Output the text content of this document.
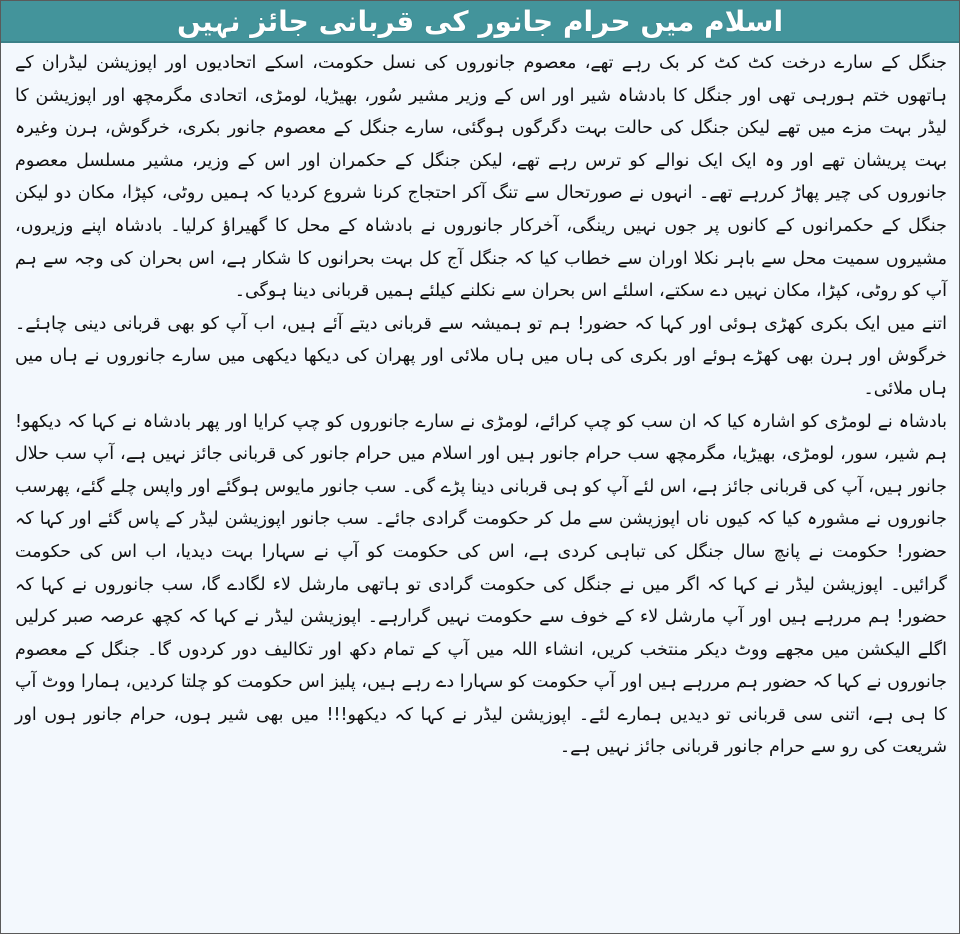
اسلام میں حرام جانور کی قربانی جائز نہیں

جنگل کے سارے درخت کٹ کٹ کر بک رہے تھے، معصوم جانوروں کی نسل حکومت، اسکے اتحادیوں اور اپوزیشن لیڈران کے ہاتھوں ختم ہورہی تھی اور جنگل کا بادشاہ شیر اور اس کے وزیر مشیر سُور، بھیڑیا، لومڑی، اتحادی مگرمچھ اور اپوزیشن کا لیڈر بہت مزے میں تھے لیکن جنگل کی حالت بہت دگرگوں ہوگئی، سارے جنگل کے معصوم جانور بکری، خرگوش، ہرن وغیرہ بہت پریشان تھے اور وہ ایک ایک نوالے کو ترس رہے تھے، لیکن جنگل کے حکمران اور اس کے وزیر، مشیر مسلسل معصوم جانوروں کی چیر پھاڑ کررہے تھے۔ انہوں نے صورتحال سے تنگ آکر احتجاج کرنا شروع کردیا کہ ہمیں روٹی، کپڑا، مکان دو لیکن جنگل کے حکمرانوں کے کانوں پر جوں نہیں رینگی، آخرکار جانوروں نے بادشاہ کے محل کا گھیراؤ کرلیا۔ بادشاہ اپنے وزیروں، مشیروں سمیت محل سے باہر نکلا اوران سے خطاب کیا کہ جنگل آج کل بہت بحرانوں کا شکار ہے، اس بحران کی وجہ سے ہم آپ کو روٹی، کپڑا، مکان نہیں دے سکتے، اسلئے اس بحران سے نکلنے کیلئے ہمیں قربانی دینا ہوگی۔

اتنے میں ایک بکری کھڑی ہوئی اور کہا کہ حضور! ہم تو ہمیشہ سے قربانی دیتے آئے ہیں، اب آپ کو بھی قربانی دینی چاہئے۔ خرگوش اور ہرن بھی کھڑے ہوئے اور بکری کی ہاں میں ہاں ملائی اور پھران کی دیکھا دیکھی میں سارے جانوروں نے ہاں میں ہاں ملائی۔

بادشاہ نے لومڑی کو اشارہ کیا کہ ان سب کو چپ کرائے، لومڑی نے سارے جانوروں کو چپ کرایا اور پھر بادشاہ نے کہا کہ دیکھو! ہم شیر، سور، لومڑی، بھیڑیا، مگرمچھ سب حرام جانور ہیں اور اسلام میں حرام جانور کی قربانی جائز نہیں ہے، آپ سب حلال جانور ہیں، آپ کی قربانی جائز ہے، اس لئے آپ کو ہی قربانی دینا پڑے گی۔ سب جانور مایوس ہوگئے اور واپس چلے گئے، پھرسب جانوروں نے مشورہ کیا کہ کیوں ناں اپوزیشن سے مل کر حکومت گرادی جائے۔ سب جانور اپوزیشن لیڈر کے پاس گئے اور کہا کہ حضور! حکومت نے پانچ سال جنگل کی تباہی کردی ہے، اس کی حکومت کو آپ نے سہارا بہت دیدیا، اب اس کی حکومت گرائیں۔ اپوزیشن لیڈر نے کہا کہ اگر میں نے جنگل کی حکومت گرادی تو ہاتھی مارشل لاء لگادے گا، سب جانوروں نے کہا کہ حضور! ہم مررہے ہیں اور آپ مارشل لاء کے خوف سے حکومت نہیں گرارہے۔ اپوزیشن لیڈر نے کہا کہ کچھ عرصہ صبر کرلیں اگلے الیکشن میں مجھے ووٹ دیکر منتخب کریں، انشاء اللہ میں آپ کے تمام دکھ اور تکالیف دور کردوں گا۔ جنگل کے معصوم جانوروں نے کہا کہ حضور ہم مررہے ہیں اور آپ حکومت کو سہارا دے رہے ہیں، پلیز اس حکومت کو چلتا کردیں، ہمارا ووٹ آپ کا ہی ہے، اتنی سی قربانی تو دیدیں ہمارے لئے۔ اپوزیشن لیڈر نے کہا کہ دیکھو!!! میں بھی شیر ہوں، حرام جانور ہوں اور شریعت کی رو سے حرام جانور قربانی جائز نہیں ہے۔
